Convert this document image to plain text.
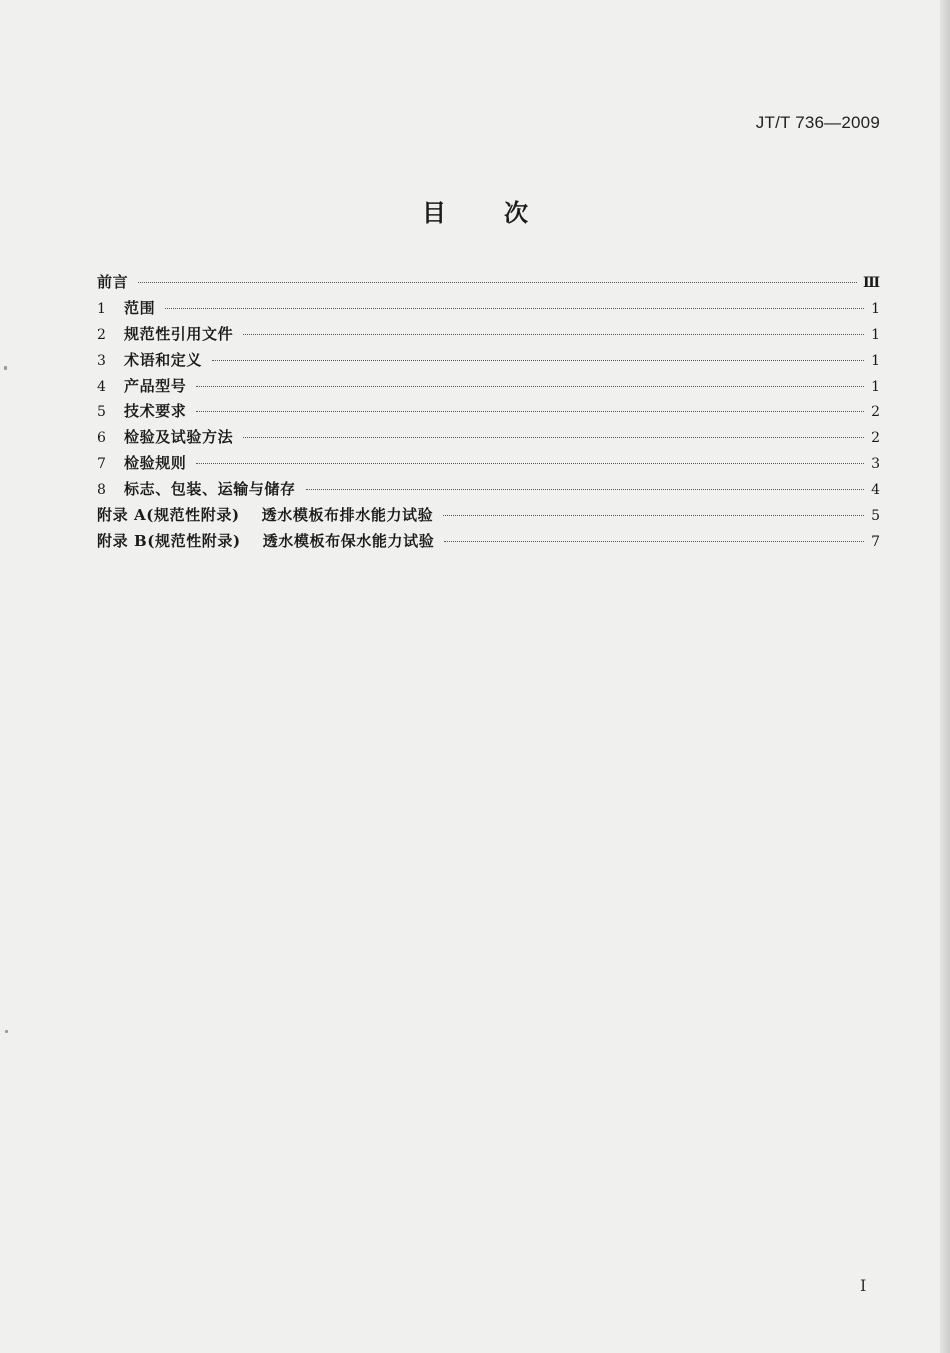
JT/T 736—2009
目 次
前言	Ⅲ
1	范围	1
2	规范性引用文件	1
3	术语和定义	1
4	产品型号	1
5	技术要求	2
6	检验及试验方法	2
7	检验规则	3
8	标志、包装、运输与储存	4
附录 A(规范性附录) 透水模板布排水能力试验	5
附录 B(规范性附录) 透水模板布保水能力试验	7
I
